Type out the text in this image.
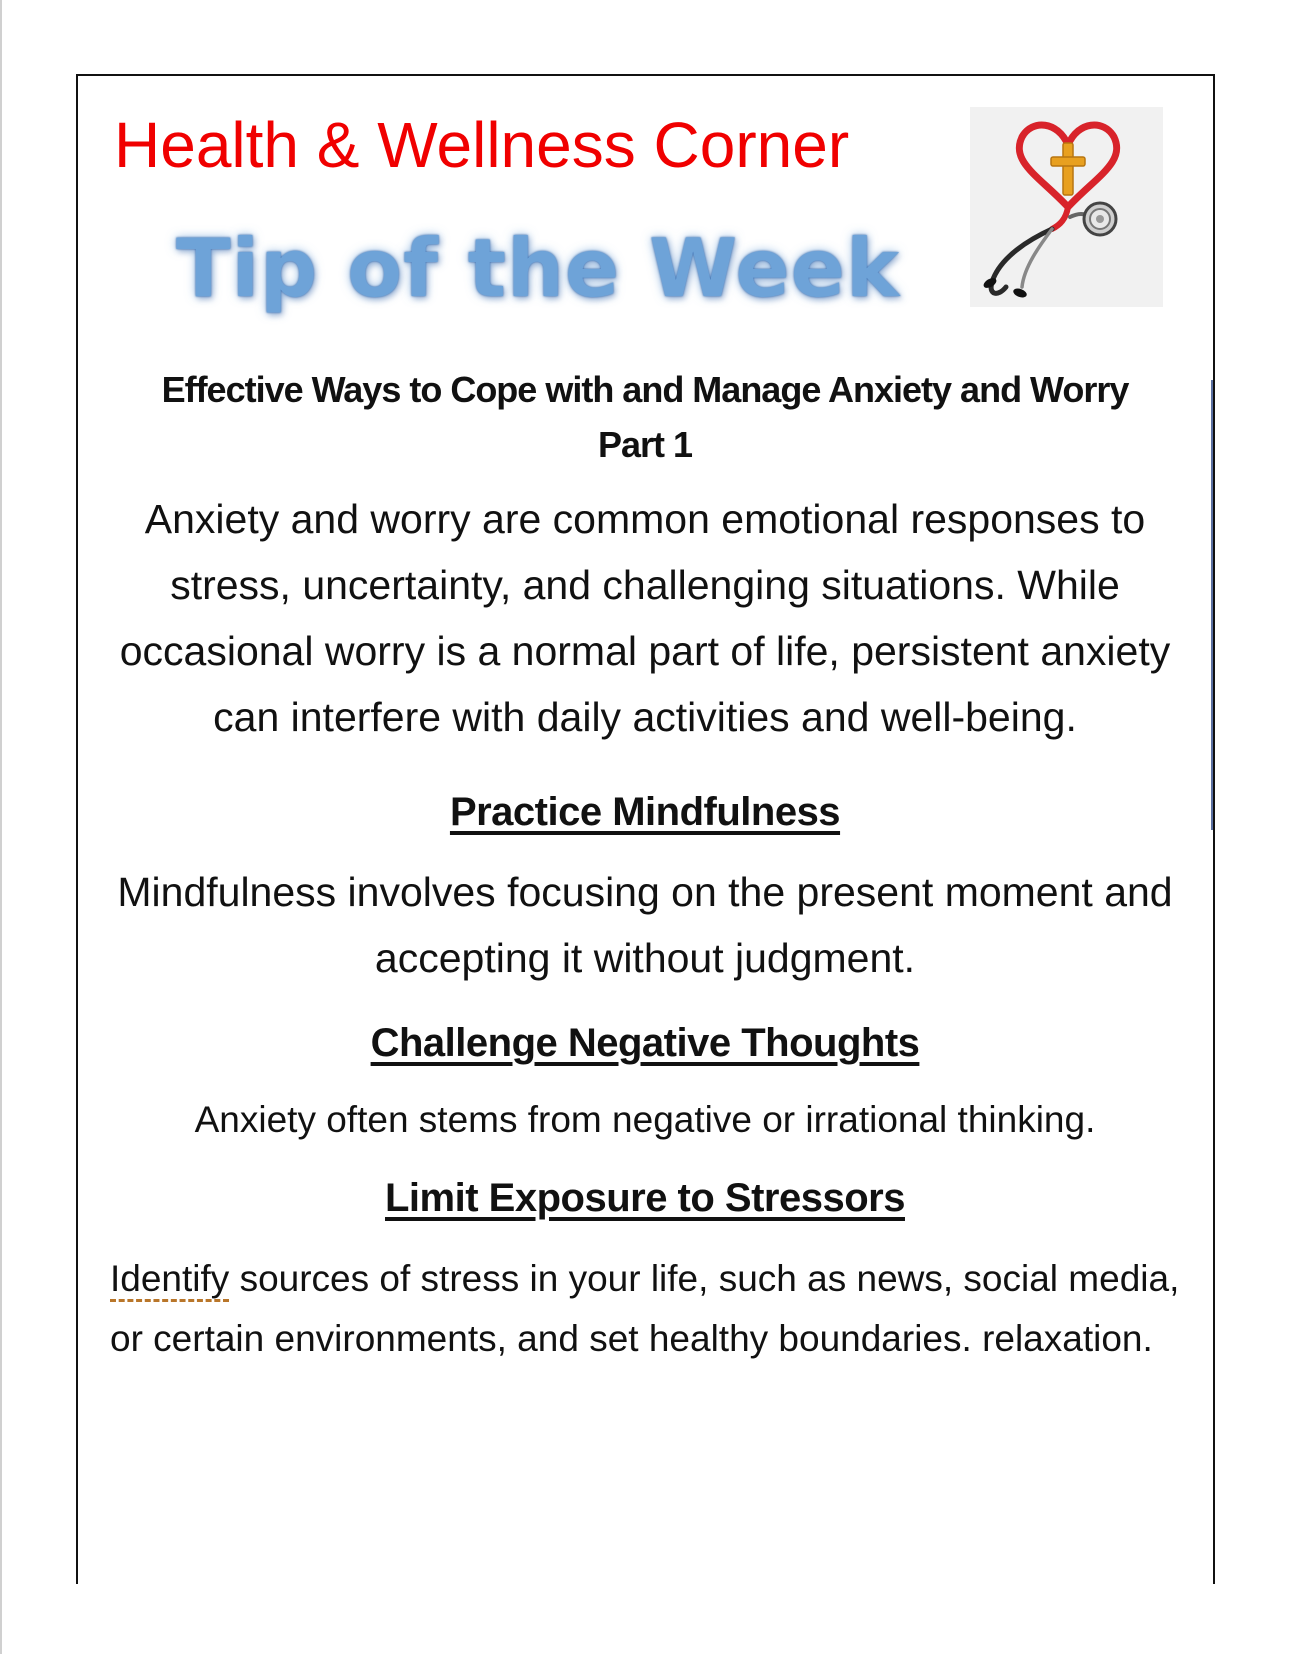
Health & Wellness Corner
Tip of the Week

Effective Ways to Cope with and Manage Anxiety and Worry
Part 1

Anxiety and worry are common emotional responses to stress, uncertainty, and challenging situations. While occasional worry is a normal part of life, persistent anxiety can interfere with daily activities and well-being.

Practice Mindfulness

Mindfulness involves focusing on the present moment and accepting it without judgment.

Challenge Negative Thoughts

Anxiety often stems from negative or irrational thinking.

Limit Exposure to Stressors

Identify sources of stress in your life, such as news, social media, or certain environments, and set healthy boundaries. relaxation.
